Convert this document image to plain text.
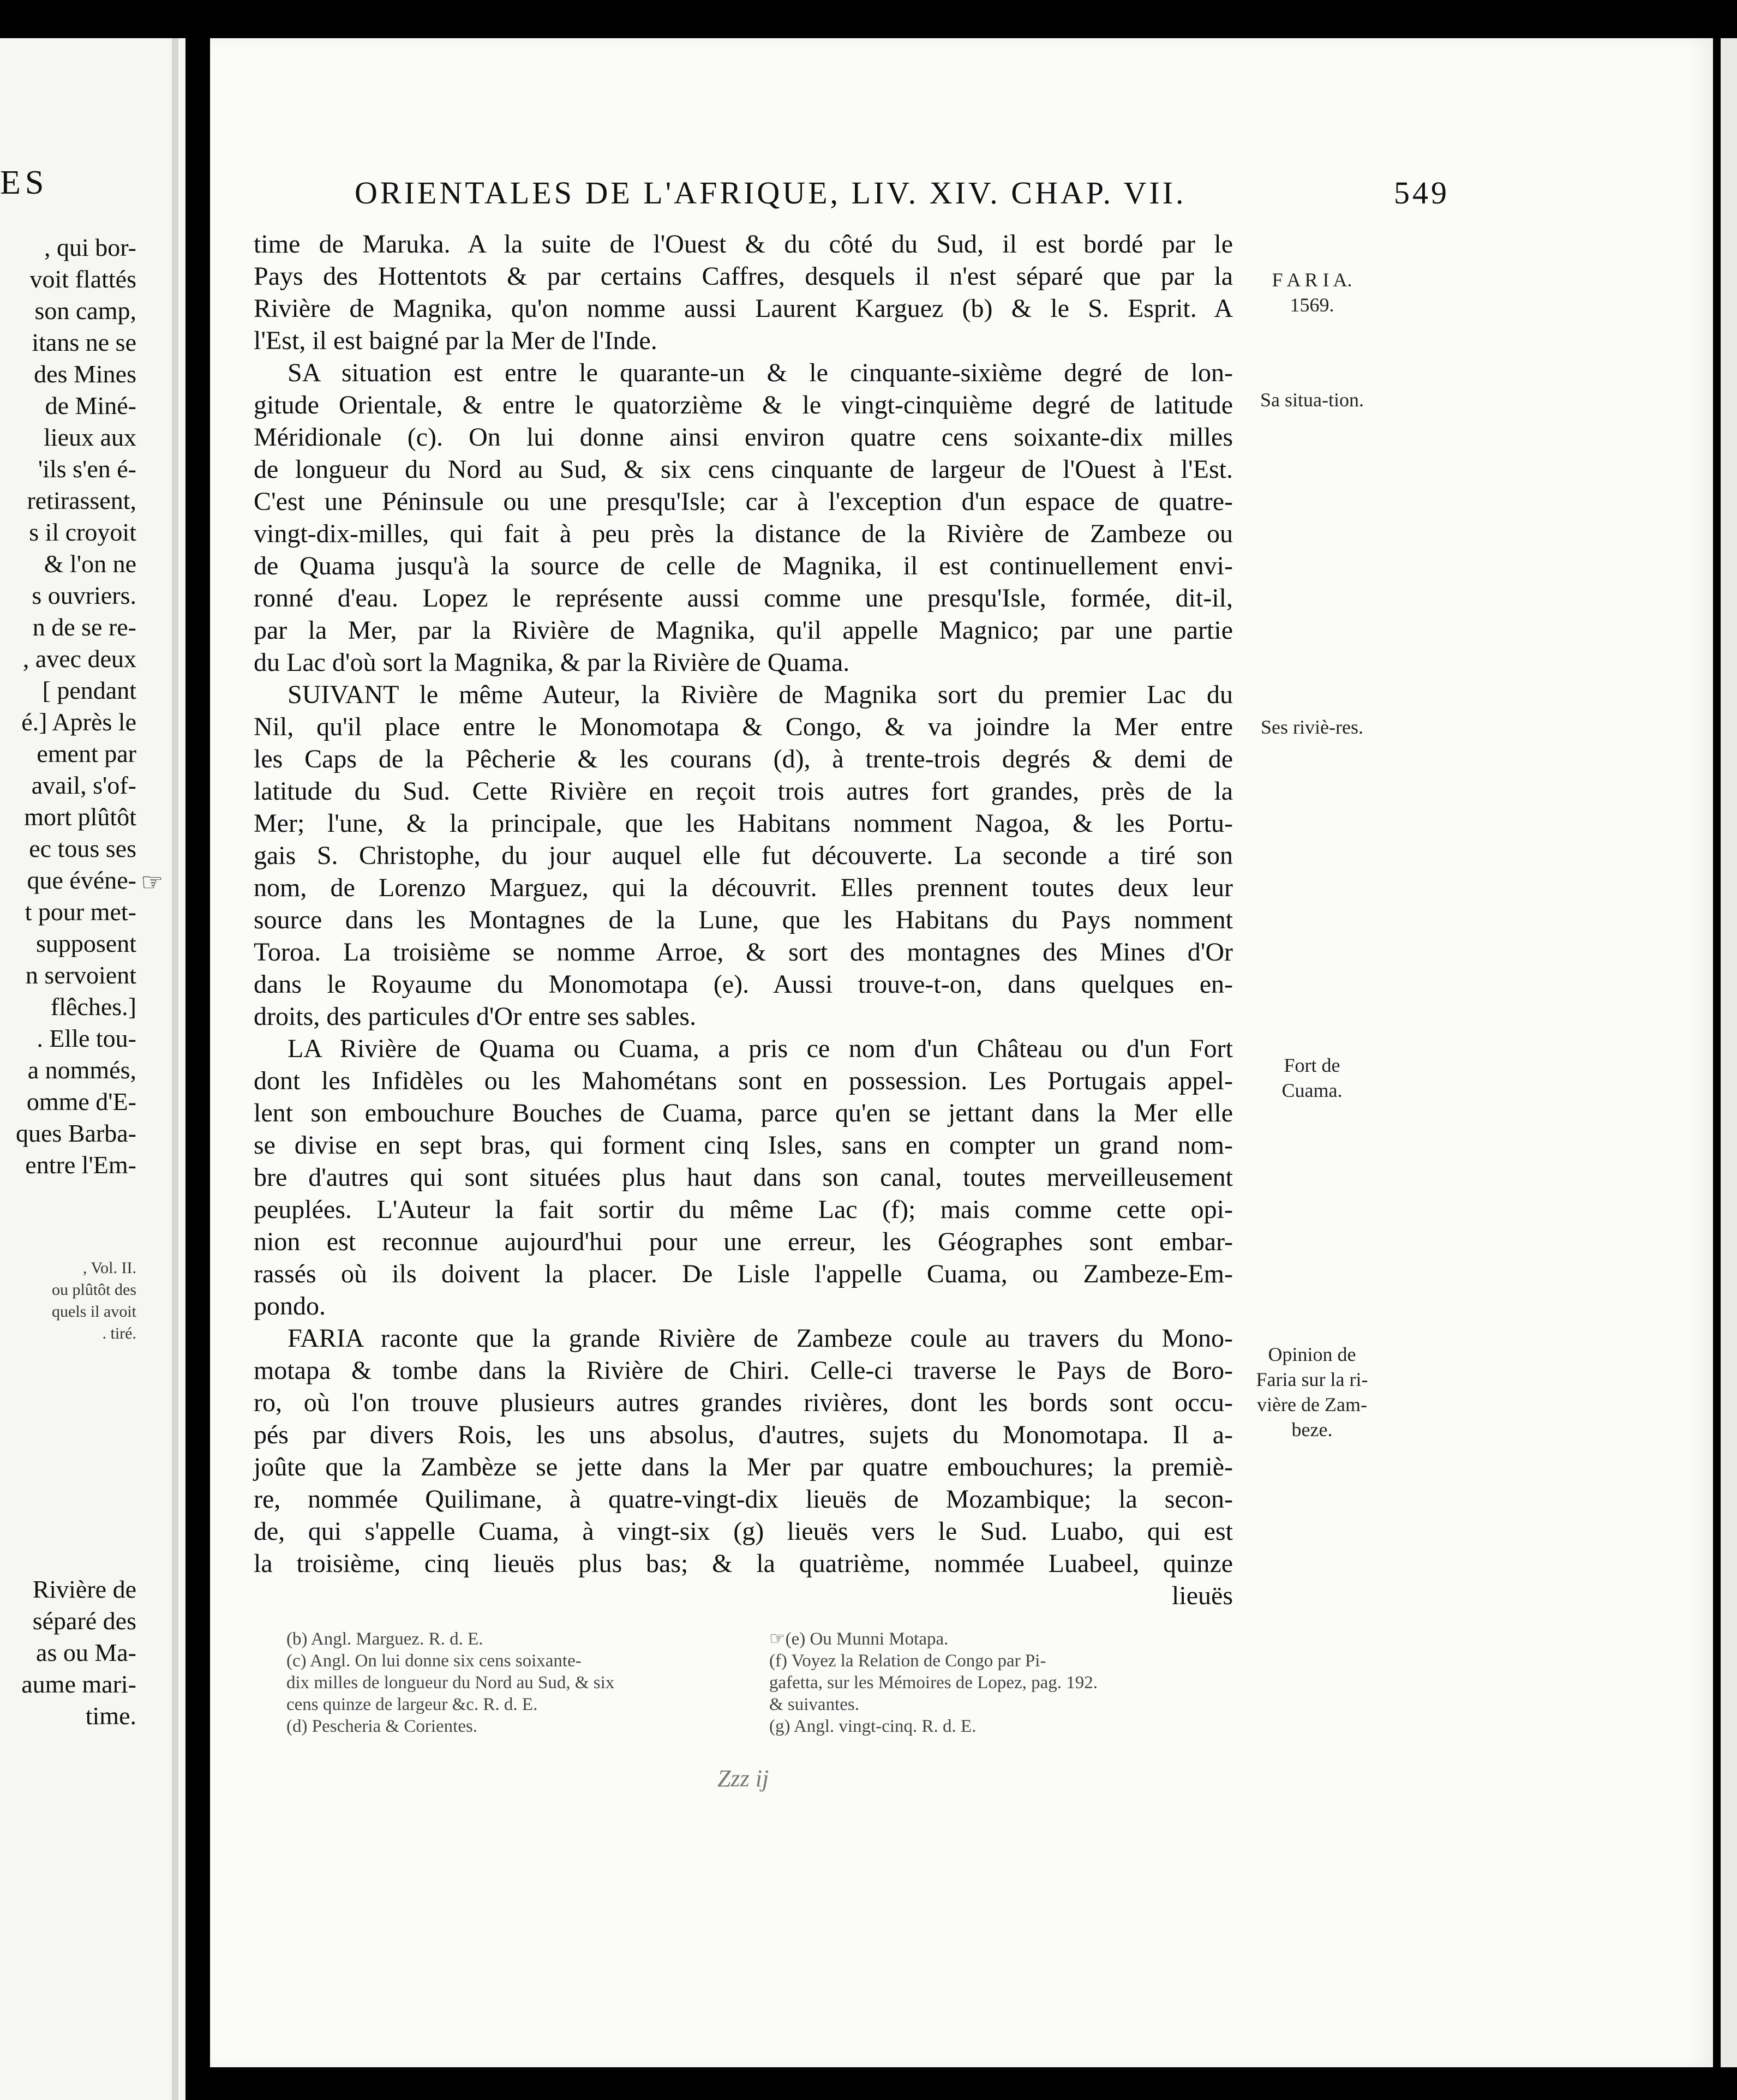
ES
, qui bor-
voit flattés
son camp,
itans ne se
des Mines
de Miné-
lieux aux
'ils s'en é-
retirassent,
s il croyoit
& l'on ne
s ouvriers.
n de se re-
, avec deux
[ pendant
é.] Après le
ement par
avail, s'of-
mort plûtôt
ec tous ses
que événe-
t pour met-
supposent
n servoient
flêches.]
. Elle tou-
a nommés,
omme d'E-
ques Barba-
entre l'Em-
, Vol. II.
ou plûtôt des
quels il avoit
. tiré.
Rivière de
séparé des
as ou Ma-
aume mari-
time.
☞
ORIENTALES DE L'AFRIQUE, LIV. XIV. CHAP. VII.	549
time de Maruka. A la suite de l'Ouest & du côté du Sud, il est bordé par le
Pays des Hottentots & par certains Caffres, desquels il n'est séparé que par la
Rivière de Magnika, qu'on nomme aussi Laurent Karguez (b) & le S. Esprit. A
l'Est, il est baigné par la Mer de l'Inde.
SA situation est entre le quarante-un & le cinquante-sixième degré de lon-
gitude Orientale, & entre le quatorzième & le vingt-cinquième degré de latitude
Méridionale (c). On lui donne ainsi environ quatre cens soixante-dix milles
de longueur du Nord au Sud, & six cens cinquante de largeur de l'Ouest à l'Est.
C'est une Péninsule ou une presqu'Isle; car à l'exception d'un espace de quatre-
vingt-dix-milles, qui fait à peu près la distance de la Rivière de Zambeze ou
de Quama jusqu'à la source de celle de Magnika, il est continuellement envi-
ronné d'eau. Lopez le représente aussi comme une presqu'Isle, formée, dit-il,
par la Mer, par la Rivière de Magnika, qu'il appelle Magnico; par une partie
du Lac d'où sort la Magnika, & par la Rivière de Quama.
SUIVANT le même Auteur, la Rivière de Magnika sort du premier Lac du
Nil, qu'il place entre le Monomotapa & Congo, & va joindre la Mer entre
les Caps de la Pêcherie & les courans (d), à trente-trois degrés & demi de
latitude du Sud. Cette Rivière en reçoit trois autres fort grandes, près de la
Mer; l'une, & la principale, que les Habitans nomment Nagoa, & les Portu-
gais S. Christophe, du jour auquel elle fut découverte. La seconde a tiré son
nom, de Lorenzo Marguez, qui la découvrit. Elles prennent toutes deux leur
source dans les Montagnes de la Lune, que les Habitans du Pays nomment
Toroa. La troisième se nomme Arroe, & sort des montagnes des Mines d'Or
dans le Royaume du Monomotapa (e). Aussi trouve-t-on, dans quelques en-
droits, des particules d'Or entre ses sables.
LA Rivière de Quama ou Cuama, a pris ce nom d'un Château ou d'un Fort
dont les Infidèles ou les Mahométans sont en possession. Les Portugais appel-
lent son embouchure Bouches de Cuama, parce qu'en se jettant dans la Mer elle
se divise en sept bras, qui forment cinq Isles, sans en compter un grand nom-
bre d'autres qui sont situées plus haut dans son canal, toutes merveilleusement
peuplées. L'Auteur la fait sortir du même Lac (f); mais comme cette opi-
nion est reconnue aujourd'hui pour une erreur, les Géographes sont embar-
rassés où ils doivent la placer. De Lisle l'appelle Cuama, ou Zambeze-Em-
pondo.
FARIA raconte que la grande Rivière de Zambeze coule au travers du Mono-
motapa & tombe dans la Rivière de Chiri. Celle-ci traverse le Pays de Boro-
ro, où l'on trouve plusieurs autres grandes rivières, dont les bords sont occu-
pés par divers Rois, les uns absolus, d'autres, sujets du Monomotapa. Il a-
joûte que la Zambèze se jette dans la Mer par quatre embouchures; la premiè-
re, nommée Quilimane, à quatre-vingt-dix lieuës de Mozambique; la secon-
de, qui s'appelle Cuama, à vingt-six (g) lieuës vers le Sud. Luabo, qui est
la troisième, cinq lieuës plus bas; & la quatrième, nommée Luabeel, quinze
lieuës
F A R I A. 1569.
Sa situa-tion.
Ses riviè-res.
Fort de Cuama.
Opinion de Faria sur la ri-vière de Zam-beze.
(b) Angl. Marguez. R. d. E.
(c) Angl. On lui donne six cens soixante-
dix milles de longueur du Nord au Sud, & six
cens quinze de largeur &c. R. d. E.
(d) Pescheria & Corientes.
☞(e) Ou Munni Motapa.
(f) Voyez la Relation de Congo par Pi-
gafetta, sur les Mémoires de Lopez, pag. 192.
& suivantes.
(g) Angl. vingt-cinq. R. d. E.
Zzz ij
